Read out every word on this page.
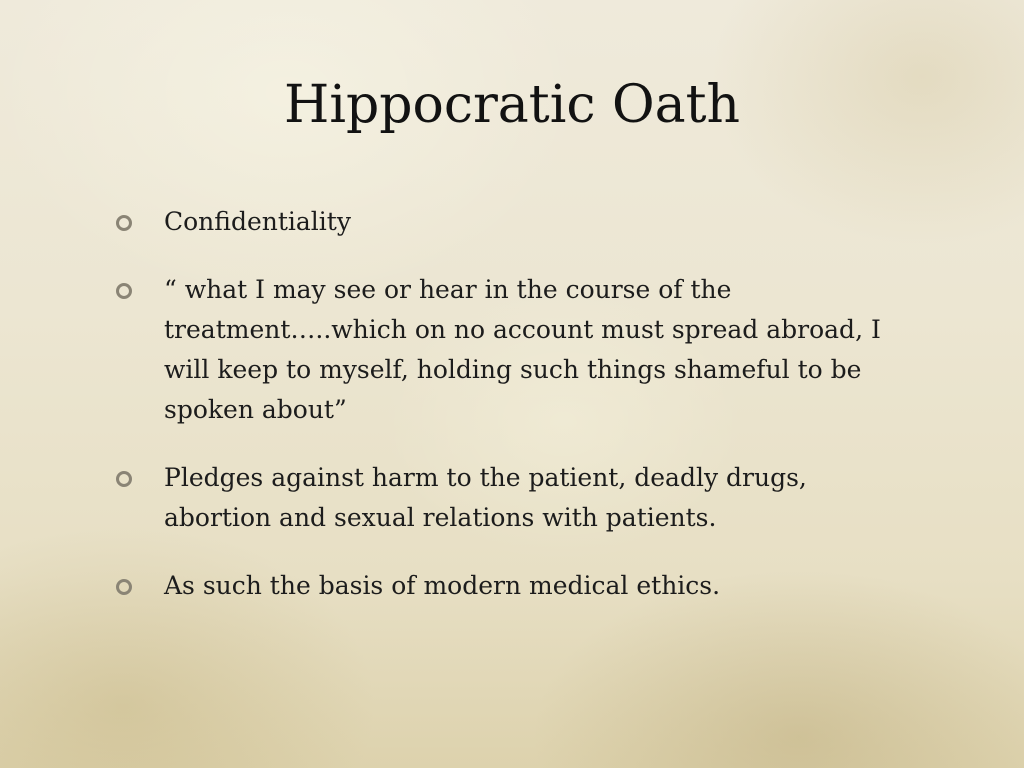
Hippocratic Oath
Confidentiality
“ what I may see or hear in the course of the treatment…..which on no account must spread abroad, I will keep to myself, holding such things shameful to be spoken about”
Pledges against harm to the patient, deadly drugs, abortion and sexual relations with patients.
As such the basis of modern medical ethics.
